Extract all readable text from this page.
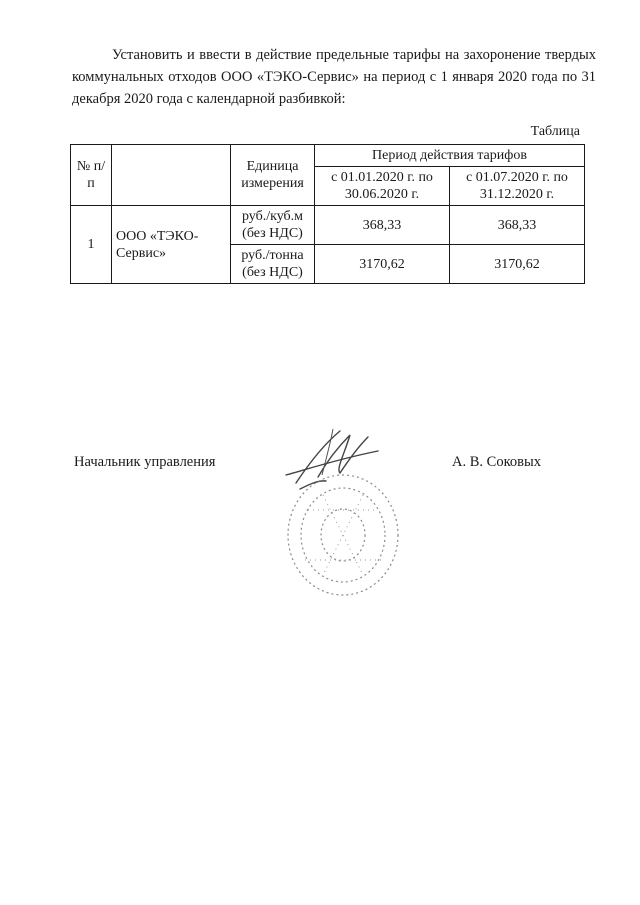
Установить и ввести в действие предельные тарифы на захоронение твердых коммунальных отходов ООО «ТЭКО-Сервис» на период с 1 января 2020 года по 31 декабря 2020 года с календарной разбивкой:

Таблица

№ п/п		Единица измерения	Период действия тарифов	
			с 01.01.2020 г. по 30.06.2020 г.	с 01.07.2020 г. по 31.12.2020 г.
1	ООО «ТЭКО-Сервис»	руб./куб.м (без НДС)	368,33	368,33
		руб./тонна (без НДС)	3170,62	3170,62
Начальник управления	А. В. Соковых
